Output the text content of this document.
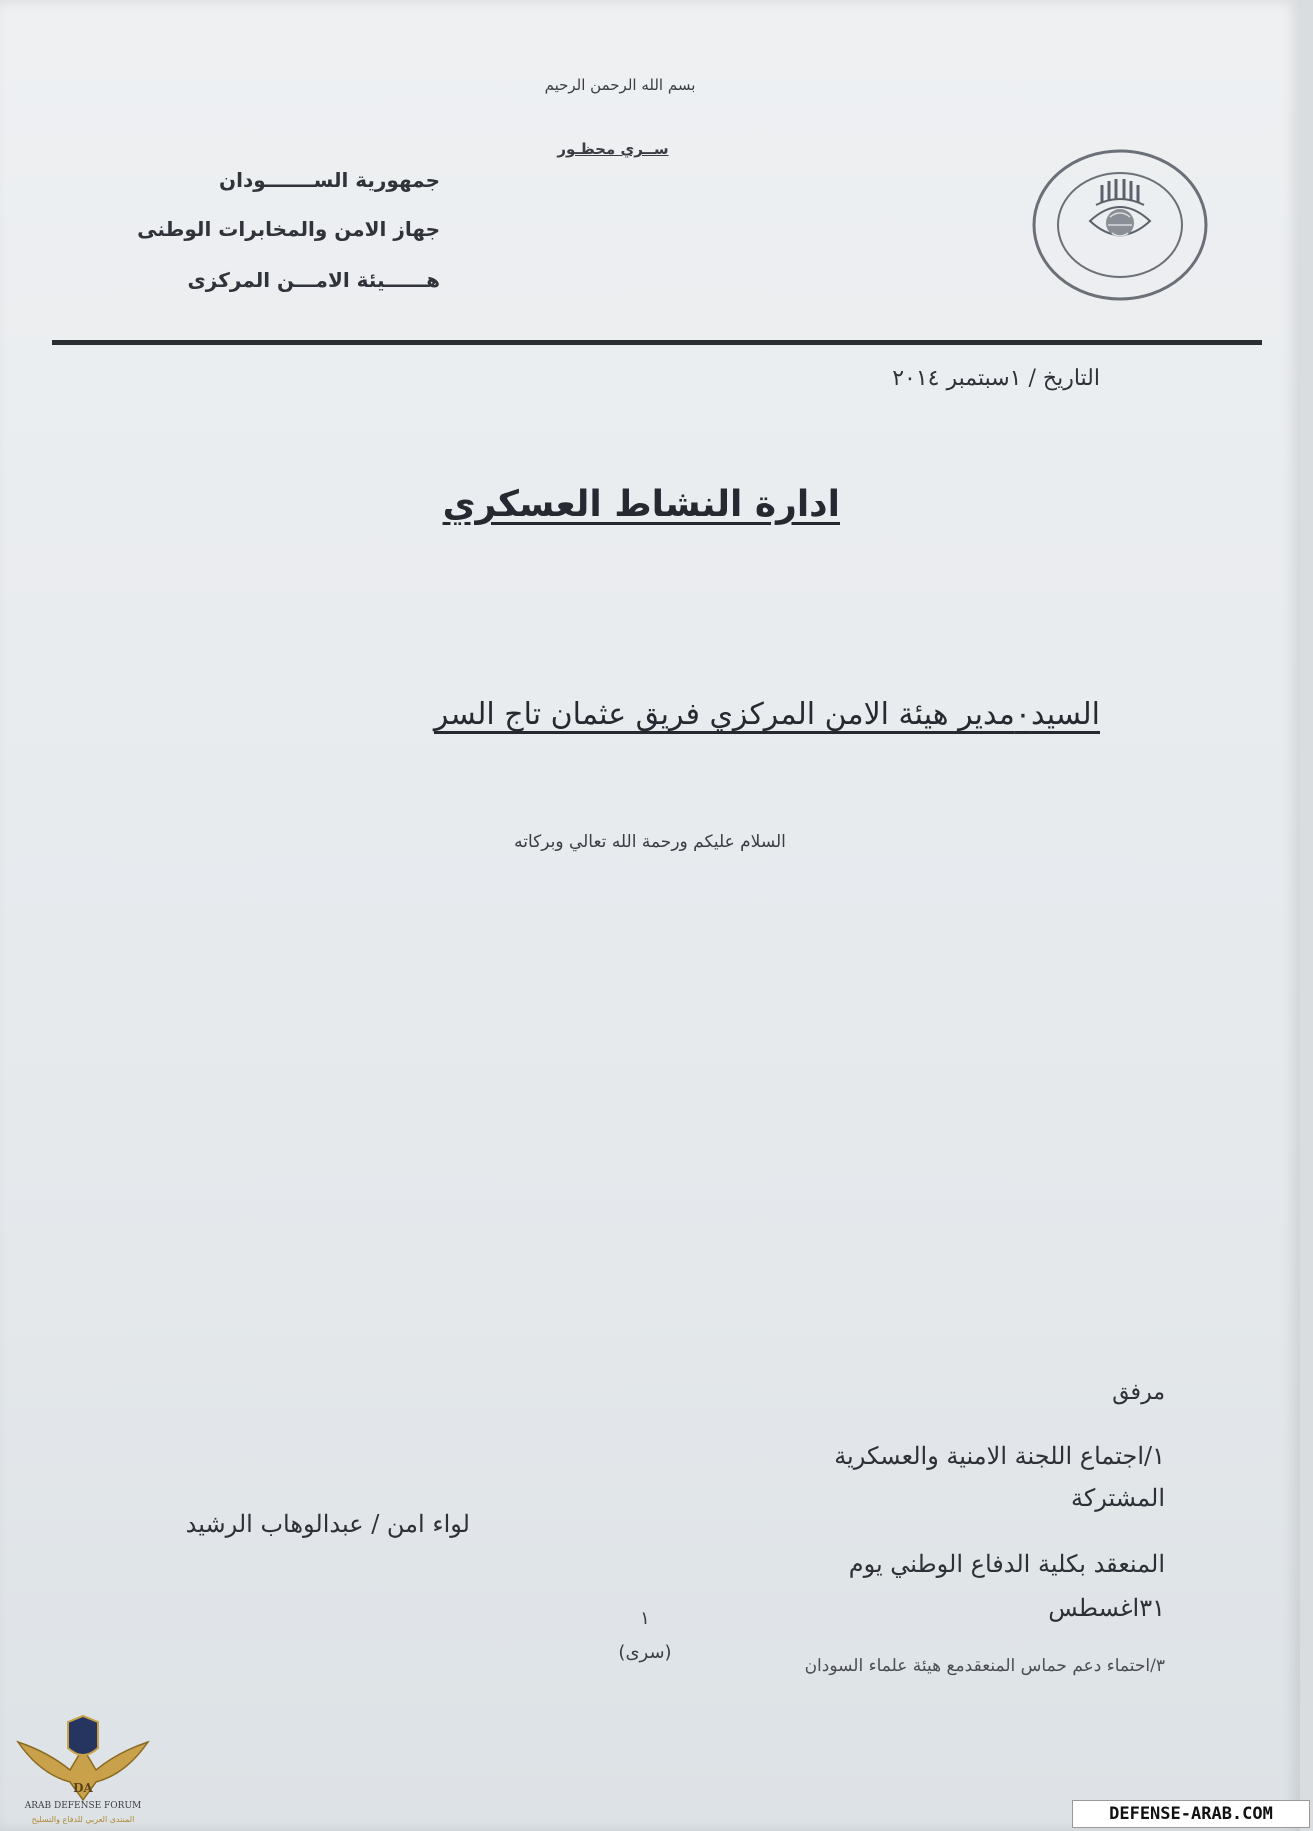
بسم الله الرحمن الرحيم
ســري محظـور
جمهورية الســـــــودان
جهاز الامن والمخابرات الوطنى
هــــــيئة الامـــن المركزى
التاريخ / ١سبتمبر ٢٠١٤
ادارة النشاط العسكري
السيد٠مدير هيئة الامن المركزي فريق عثمان تاج السر
السلام عليكم ورحمة الله تعالي وبركاته
مرفق
١/اجتماع اللجنة الامنية والعسكرية
المشتركة
المنعقد بكلية الدفاع الوطني يوم
٣١اغسطس
٣/احتماء دعم حماس المنعقدمع هيئة علماء السودان
لواء امن / عبدالوهاب الرشيد
١
(سرى)
DA
ARAB DEFENSE FORUM
المنتدى العربي للدفاع والتسليح	DEFENSE-ARAB.COM
